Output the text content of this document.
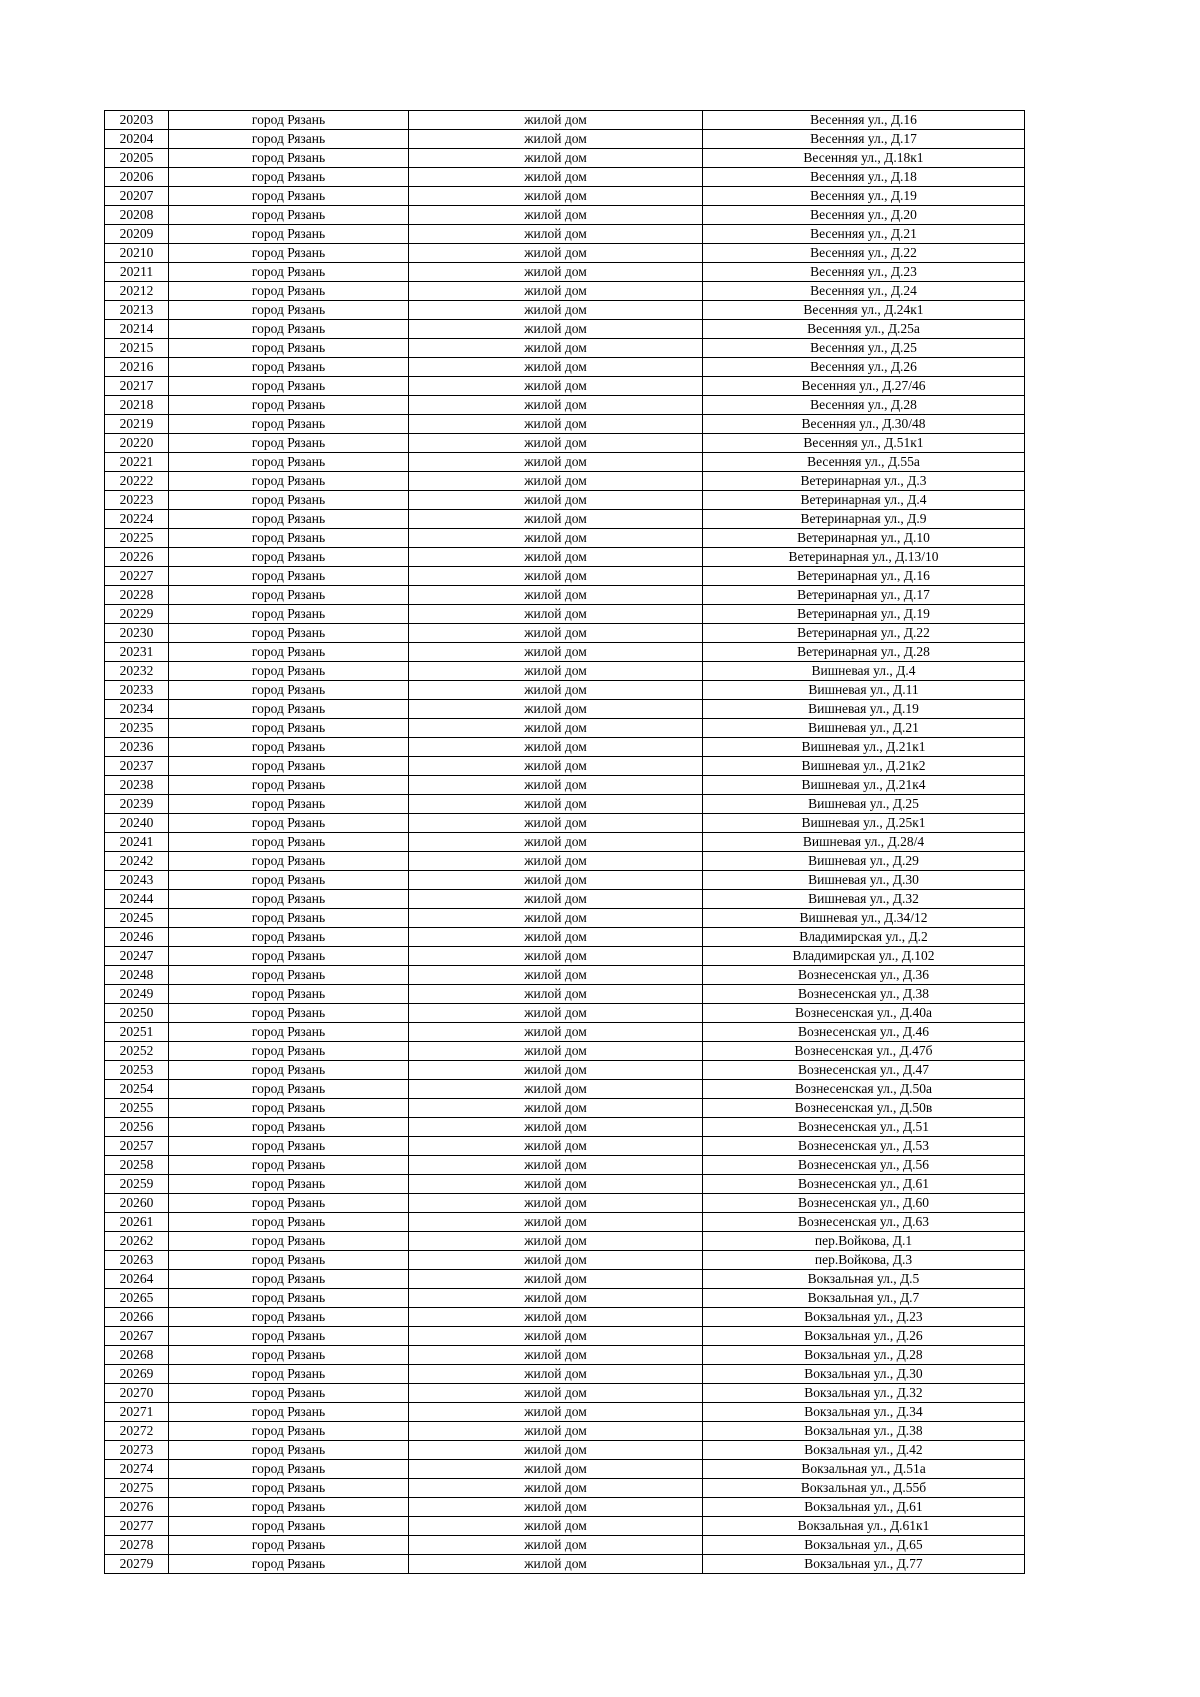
20203	город Рязань	жилой дом	Весенняя ул., Д.16
20204	город Рязань	жилой дом	Весенняя ул., Д.17
20205	город Рязань	жилой дом	Весенняя ул., Д.18к1
20206	город Рязань	жилой дом	Весенняя ул., Д.18
20207	город Рязань	жилой дом	Весенняя ул., Д.19
20208	город Рязань	жилой дом	Весенняя ул., Д.20
20209	город Рязань	жилой дом	Весенняя ул., Д.21
20210	город Рязань	жилой дом	Весенняя ул., Д.22
20211	город Рязань	жилой дом	Весенняя ул., Д.23
20212	город Рязань	жилой дом	Весенняя ул., Д.24
20213	город Рязань	жилой дом	Весенняя ул., Д.24к1
20214	город Рязань	жилой дом	Весенняя ул., Д.25а
20215	город Рязань	жилой дом	Весенняя ул., Д.25
20216	город Рязань	жилой дом	Весенняя ул., Д.26
20217	город Рязань	жилой дом	Весенняя ул., Д.27/46
20218	город Рязань	жилой дом	Весенняя ул., Д.28
20219	город Рязань	жилой дом	Весенняя ул., Д.30/48
20220	город Рязань	жилой дом	Весенняя ул., Д.51к1
20221	город Рязань	жилой дом	Весенняя ул., Д.55а
20222	город Рязань	жилой дом	Ветеринарная ул., Д.3
20223	город Рязань	жилой дом	Ветеринарная ул., Д.4
20224	город Рязань	жилой дом	Ветеринарная ул., Д.9
20225	город Рязань	жилой дом	Ветеринарная ул., Д.10
20226	город Рязань	жилой дом	Ветеринарная ул., Д.13/10
20227	город Рязань	жилой дом	Ветеринарная ул., Д.16
20228	город Рязань	жилой дом	Ветеринарная ул., Д.17
20229	город Рязань	жилой дом	Ветеринарная ул., Д.19
20230	город Рязань	жилой дом	Ветеринарная ул., Д.22
20231	город Рязань	жилой дом	Ветеринарная ул., Д.28
20232	город Рязань	жилой дом	Вишневая ул., Д.4
20233	город Рязань	жилой дом	Вишневая ул., Д.11
20234	город Рязань	жилой дом	Вишневая ул., Д.19
20235	город Рязань	жилой дом	Вишневая ул., Д.21
20236	город Рязань	жилой дом	Вишневая ул., Д.21к1
20237	город Рязань	жилой дом	Вишневая ул., Д.21к2
20238	город Рязань	жилой дом	Вишневая ул., Д.21к4
20239	город Рязань	жилой дом	Вишневая ул., Д.25
20240	город Рязань	жилой дом	Вишневая ул., Д.25к1
20241	город Рязань	жилой дом	Вишневая ул., Д.28/4
20242	город Рязань	жилой дом	Вишневая ул., Д.29
20243	город Рязань	жилой дом	Вишневая ул., Д.30
20244	город Рязань	жилой дом	Вишневая ул., Д.32
20245	город Рязань	жилой дом	Вишневая ул., Д.34/12
20246	город Рязань	жилой дом	Владимирская ул., Д.2
20247	город Рязань	жилой дом	Владимирская ул., Д.102
20248	город Рязань	жилой дом	Вознесенская ул., Д.36
20249	город Рязань	жилой дом	Вознесенская ул., Д.38
20250	город Рязань	жилой дом	Вознесенская ул., Д.40а
20251	город Рязань	жилой дом	Вознесенская ул., Д.46
20252	город Рязань	жилой дом	Вознесенская ул., Д.47б
20253	город Рязань	жилой дом	Вознесенская ул., Д.47
20254	город Рязань	жилой дом	Вознесенская ул., Д.50а
20255	город Рязань	жилой дом	Вознесенская ул., Д.50в
20256	город Рязань	жилой дом	Вознесенская ул., Д.51
20257	город Рязань	жилой дом	Вознесенская ул., Д.53
20258	город Рязань	жилой дом	Вознесенская ул., Д.56
20259	город Рязань	жилой дом	Вознесенская ул., Д.61
20260	город Рязань	жилой дом	Вознесенская ул., Д.60
20261	город Рязань	жилой дом	Вознесенская ул., Д.63
20262	город Рязань	жилой дом	пер.Войкова, Д.1
20263	город Рязань	жилой дом	пер.Войкова, Д.3
20264	город Рязань	жилой дом	Вокзальная ул., Д.5
20265	город Рязань	жилой дом	Вокзальная ул., Д.7
20266	город Рязань	жилой дом	Вокзальная ул., Д.23
20267	город Рязань	жилой дом	Вокзальная ул., Д.26
20268	город Рязань	жилой дом	Вокзальная ул., Д.28
20269	город Рязань	жилой дом	Вокзальная ул., Д.30
20270	город Рязань	жилой дом	Вокзальная ул., Д.32
20271	город Рязань	жилой дом	Вокзальная ул., Д.34
20272	город Рязань	жилой дом	Вокзальная ул., Д.38
20273	город Рязань	жилой дом	Вокзальная ул., Д.42
20274	город Рязань	жилой дом	Вокзальная ул., Д.51а
20275	город Рязань	жилой дом	Вокзальная ул., Д.55б
20276	город Рязань	жилой дом	Вокзальная ул., Д.61
20277	город Рязань	жилой дом	Вокзальная ул., Д.61к1
20278	город Рязань	жилой дом	Вокзальная ул., Д.65
20279	город Рязань	жилой дом	Вокзальная ул., Д.77
